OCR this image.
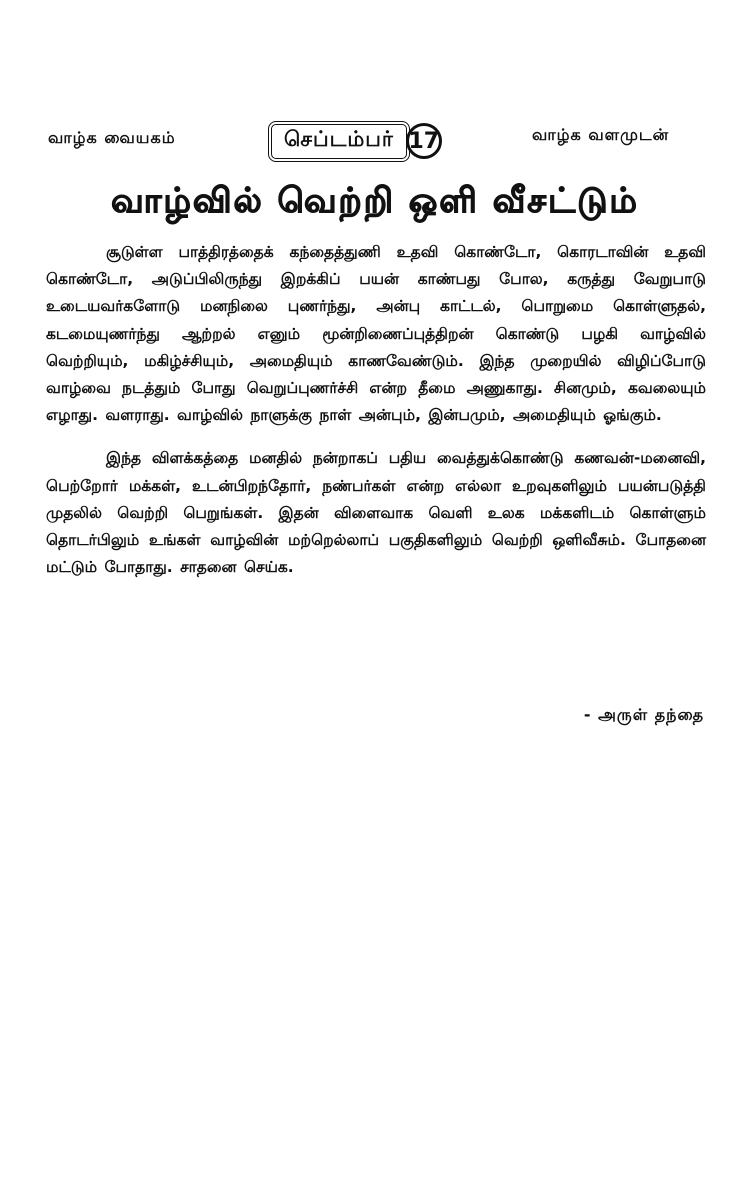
வாழ்க வையகம்	செப்டம்பர் 17	வாழ்க வளமுடன்
வாழ்வில் வெற்றி ஒளி வீசட்டும்

சூடுள்ள பாத்திரத்தைக் கந்தைத்துணி உதவி கொண்டோ, கொரடாவின் உதவி கொண்டோ, அடுப்பிலிருந்து இறக்கிப் பயன் காண்பது போல, கருத்து வேறுபாடு உடையவர்களோடு மனநிலை புணர்ந்து, அன்பு காட்டல், பொறுமை கொள்ளுதல், கடமையுணர்ந்து ஆற்றல் எனும் மூன்றிணைப்புத்திறன் கொண்டு பழகி வாழ்வில் வெற்றியும், மகிழ்ச்சியும், அமைதியும் காணவேண்டும். இந்த முறையில் விழிப்போடு வாழ்வை நடத்தும் போது வெறுப்புணர்ச்சி என்ற தீமை அணுகாது. சினமும், கவலையும் எழாது. வளராது. வாழ்வில் நாளுக்கு நாள் அன்பும், இன்பமும், அமைதியும் ஓங்கும்.

இந்த விளக்கத்தை மனதில் நன்றாகப் பதிய வைத்துக்கொண்டு கணவன்-மனைவி, பெற்றோர் மக்கள், உடன்பிறந்தோர், நண்பர்கள் என்ற எல்லா உறவுகளிலும் பயன்படுத்தி முதலில் வெற்றி பெறுங்கள். இதன் விளைவாக வெளி உலக மக்களிடம் கொள்ளும் தொடர்பிலும் உங்கள் வாழ்வின் மற்றெல்லாப் பகுதிகளிலும் வெற்றி ஒளிவீசும். போதனை மட்டும் போதாது. சாதனை செய்க.

- அருள் தந்தை
